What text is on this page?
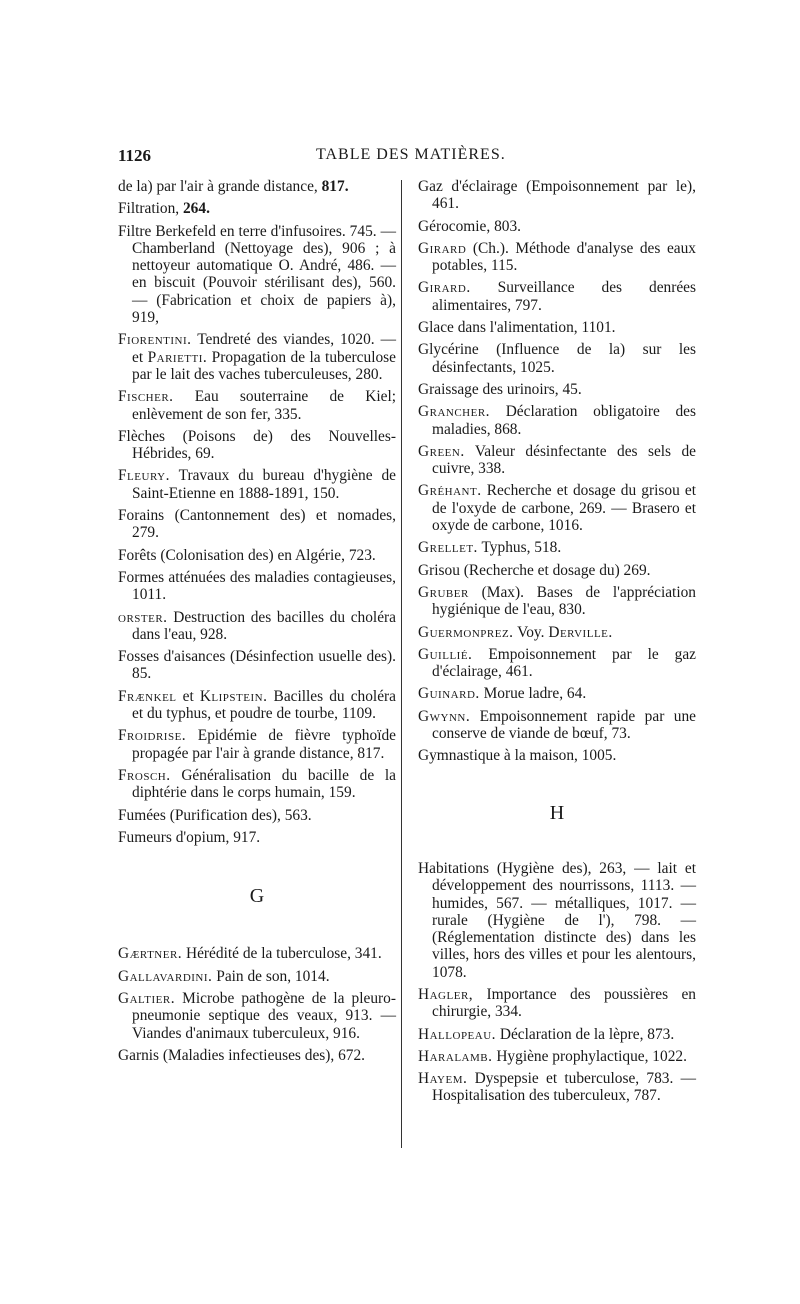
1126	TABLE DES MATIÈRES.

de la) par l'air à grande distance, 817.

Filtration, 264.

Filtre Berkefeld en terre d'infusoires. 745. — Chamberland (Nettoyage des), 906 ; à nettoyeur automatique O. André, 486. — en biscuit (Pouvoir stérilisant des), 560. — (Fabrication et choix de papiers à), 919,

Fiorentini. Tendreté des viandes, 1020. — et Parietti. Propagation de la tuberculose par le lait des vaches tuberculeuses, 280.

Fischer. Eau souterraine de Kiel; enlèvement de son fer, 335.

Flèches (Poisons de) des Nouvelles-Hébrides, 69.

Fleury. Travaux du bureau d'hygiène de Saint-Etienne en 1888-1891, 150.

Forains (Cantonnement des) et nomades, 279.

Forêts (Colonisation des) en Algérie, 723.

Formes atténuées des maladies contagieuses, 1011.

orster. Destruction des bacilles du choléra dans l'eau, 928.

Fosses d'aisances (Désinfection usuelle des). 85.

Frænkel et Klipstein. Bacilles du choléra et du typhus, et poudre de tourbe, 1109.

Froidrise. Epidémie de fièvre typhoïde propagée par l'air à grande distance, 817.

Frosch. Généralisation du bacille de la diphtérie dans le corps humain, 159.

Fumées (Purification des), 563.

Fumeurs d'opium, 917.

G

Gærtner. Hérédité de la tuberculose, 341.

Gallavardini. Pain de son, 1014.

Galtier. Microbe pathogène de la pleuro-pneumonie septique des veaux, 913. — Viandes d'animaux tuberculeux, 916.

Garnis (Maladies infectieuses des), 672.

Gaz d'éclairage (Empoisonnement par le), 461.

Gérocomie, 803.

Girard (Ch.). Méthode d'analyse des eaux potables, 115.

Girard. Surveillance des denrées alimentaires, 797.

Glace dans l'alimentation, 1101.

Glycérine (Influence de la) sur les désinfectants, 1025.

Graissage des urinoirs, 45.

Grancher. Déclaration obligatoire des maladies, 868.

Green. Valeur désinfectante des sels de cuivre, 338.

Gréhant. Recherche et dosage du grisou et de l'oxyde de carbone, 269. — Brasero et oxyde de carbone, 1016.

Grellet. Typhus, 518.

Grisou (Recherche et dosage du) 269.

Gruber (Max). Bases de l'appréciation hygiénique de l'eau, 830.

Guermonprez. Voy. Derville.

Guillié. Empoisonnement par le gaz d'éclairage, 461.

Guinard. Morue ladre, 64.

Gwynn. Empoisonnement rapide par une conserve de viande de bœuf, 73.

Gymnastique à la maison, 1005.

H

Habitations (Hygiène des), 263, — lait et développement des nourrissons, 1113. — humides, 567. — métalliques, 1017. — rurale (Hygiène de l'), 798. — (Réglementation distincte des) dans les villes, hors des villes et pour les alentours, 1078.

Hagler, Importance des poussières en chirurgie, 334.

Hallopeau. Déclaration de la lèpre, 873.

Haralamb. Hygiène prophylactique, 1022.

Hayem. Dyspepsie et tuberculose, 783. — Hospitalisation des tuberculeux, 787.
